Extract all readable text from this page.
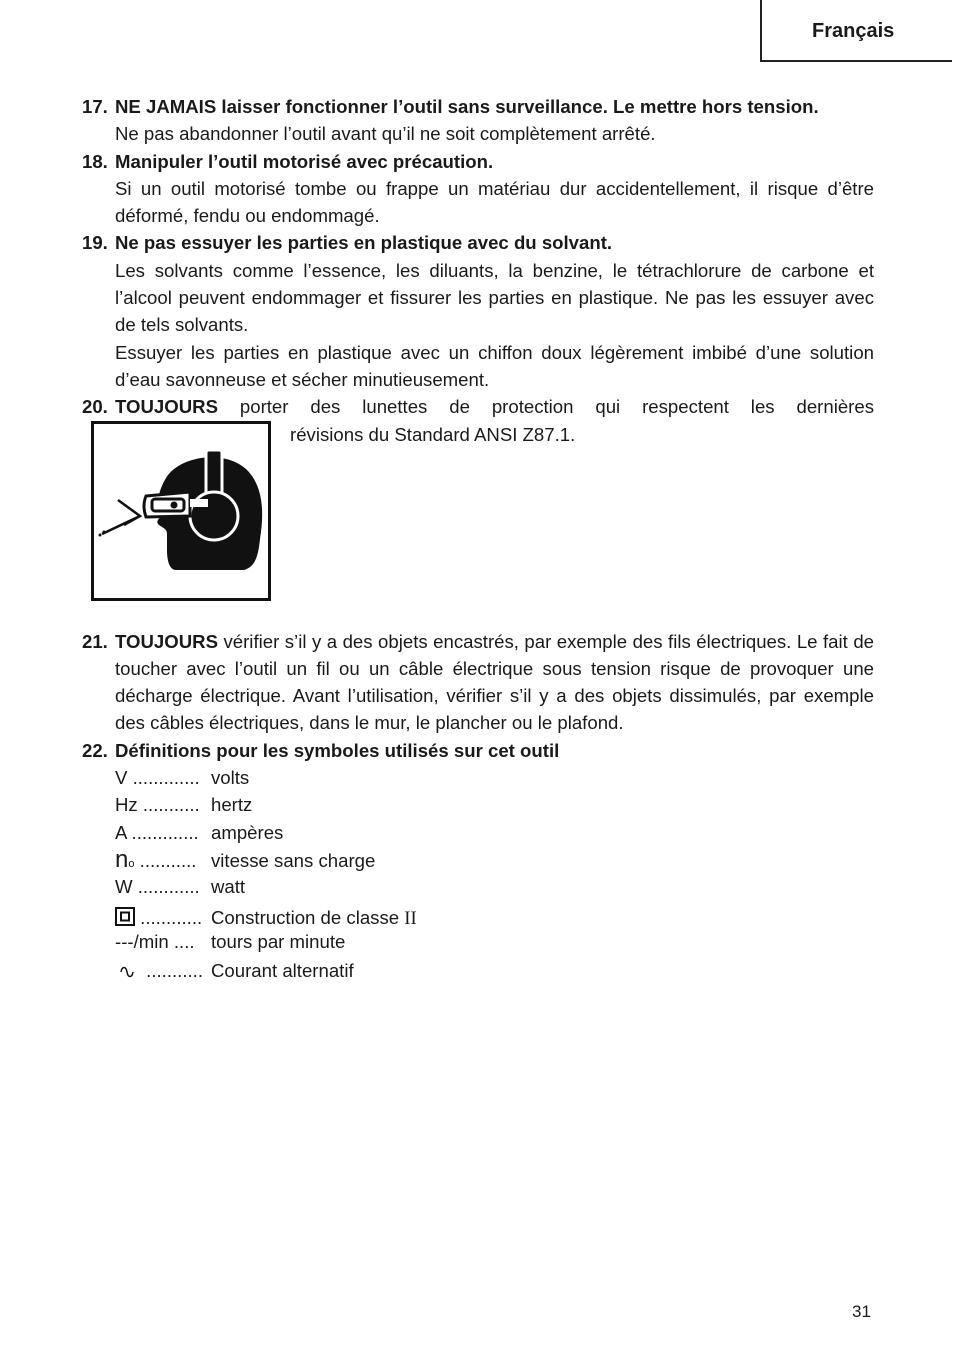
Français
17. NE JAMAIS laisser fonctionner l’outil sans surveillance. Le mettre hors tension.
Ne pas abandonner l’outil avant qu’il ne soit complètement arrêté.
18. Manipuler l’outil motorisé avec précaution.
Si un outil motorisé tombe ou frappe un matériau dur accidentellement, il risque d’être déformé, fendu ou endommagé.
19. Ne pas essuyer les parties en plastique avec du solvant.
Les solvants comme l’essence, les diluants, la benzine, le tétrachlorure de carbone et l’alcool peuvent endommager et fissurer les parties en plastique. Ne pas les essuyer avec de tels solvants.
Essuyer les parties en plastique avec un chiffon doux légèrement imbibé d’une solution d’eau savonneuse et sécher minutieusement.
20. TOUJOURS porter des lunettes de protection qui respectent les dernières
révisions du Standard ANSI Z87.1.
21. TOUJOURS vérifier s’il y a des objets encastrés, par exemple des fils électriques. Le fait de toucher avec l’outil un fil ou un câble électrique sous tension risque de provoquer une décharge électrique. Avant l’utilisation, vérifier s’il y a des objets dissimulés, par exemple des câbles électriques, dans le mur, le plancher ou le plafond.
22. Définitions pour les symboles utilisés sur cet outil
V ............. volts
Hz ........... hertz
A ............. ampères
no ........... vitesse sans charge
W ............ watt
............ Construction de classe II
---/min .... tours par minute
........... Courant alternatif
31
